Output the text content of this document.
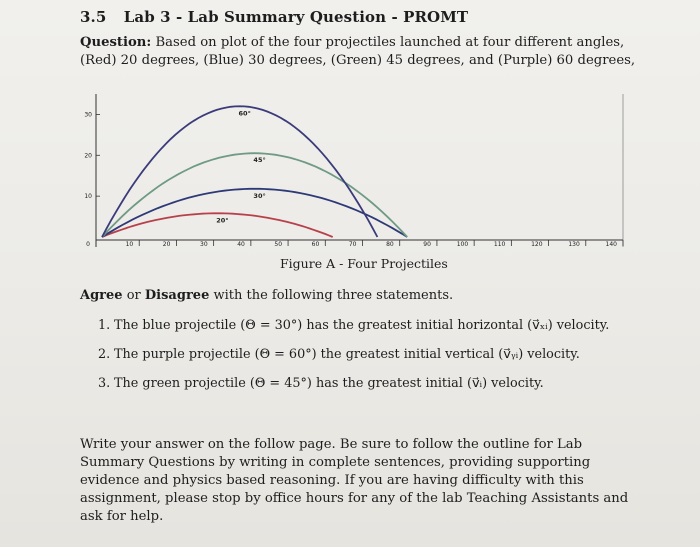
3.5 Lab 3 - Lab Summary Question - PROMT
Question: Based on plot of the four projectiles launched at four different angles, (Red) 20 degrees, (Blue) 30 degrees, (Green) 45 degrees, and (Purple) 60 degrees,
0	10	20	30	40	50	60	70	80	90	100	110	120	130	140
10
20
30
20°
30°
45°
60°
Figure A - Four Projectiles
Agree or Disagree with the following three statements.
1. The blue projectile (Θ = 30°) has the greatest initial horizontal (v⃗ₓᵢ) velocity.
2. The purple projectile (Θ = 60°) the greatest initial vertical (v⃗ᵧᵢ) velocity.
3. The green projectile (Θ = 45°) has the greatest initial (v⃗ᵢ) velocity.
Write your answer on the follow page. Be sure to follow the outline for Lab Summary Questions by writing in complete sentences, providing supporting evidence and physics based reasoning. If you are having difficulty with this assignment, please stop by office hours for any of the lab Teaching Assistants and ask for help.
